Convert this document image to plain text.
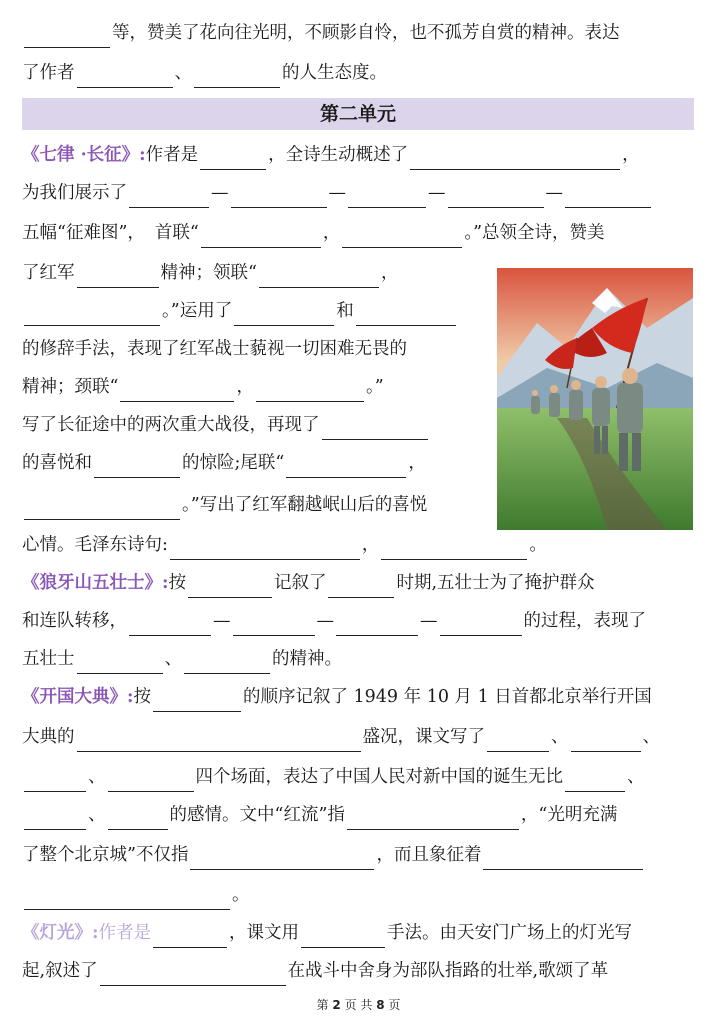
等，赞美了花向往光明，不顾影自怜，也不孤芳自赏的精神。表达
了作者	、	的人生态度。
第二单元
《七律 ·长征》: 作者是	，全诗生动概述了	，
为我们展示了	—	—	—	—
五幅“征难图”， 首联“	，	。”总领全诗，赞美
了红军	精神；领联“	，
。”运用了	和
的修辞手法，表现了红军战士藐视一切困难无畏的
精神；颈联“	，	。”
写了长征途中的两次重大战役，再现了
的喜悦和	的惊险;尾联“	，
。”写出了红军翻越岷山后的喜悦
心情。毛泽东诗句:	，	。
《狼牙山五壮士》: 按	记叙了	时期,五壮士为了掩护群众
和连队转移，	—	—	—	的过程，表现了
五壮士	、	的精神。
《开国大典》: 按	的顺序记叙了 1949 年 10 月 1 日首都北京举行开国
大典的	盛况，课文写了	、	、
、	四个场面，表达了中国人民对新中国的诞生无比	、
、	的感情。文中“红流”指	，“光明充满
了整个北京城”不仅指	，而且象征着
。
《灯光》: 作者是	，课文用	手法。由天安门广场上的灯光写
起,叙述了	在战斗中舍身为部队指路的壮举,歌颂了革
第 2 页 共 8 页
